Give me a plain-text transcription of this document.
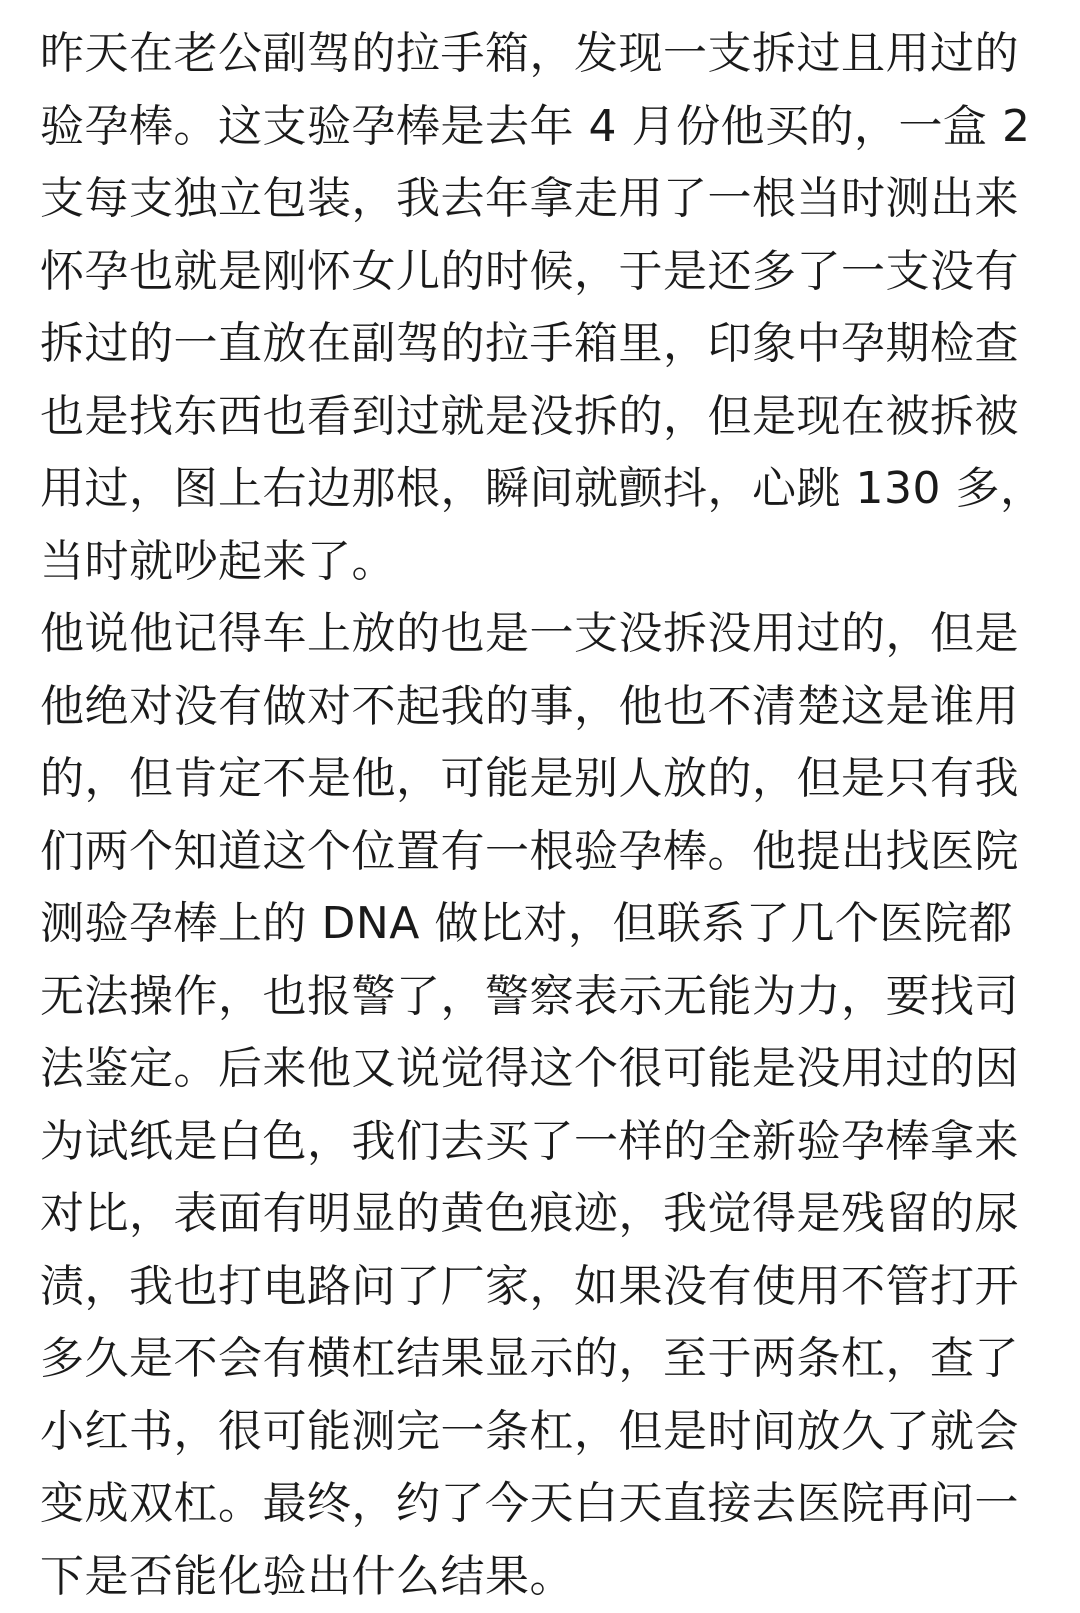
昨天在老公副驾的拉手箱，发现一支拆过且用过的
验孕棒。这支验孕棒是去年 4 月份他买的，一盒 2
支每支独立包装，我去年拿走用了一根当时测出来
怀孕也就是刚怀女儿的时候，于是还多了一支没有
拆过的一直放在副驾的拉手箱里，印象中孕期检查
也是找东西也看到过就是没拆的，但是现在被拆被
用过，图上右边那根，瞬间就颤抖，心跳 130 多，
当时就吵起来了。
他说他记得车上放的也是一支没拆没用过的，但是
他绝对没有做对不起我的事，他也不清楚这是谁用
的，但肯定不是他，可能是别人放的，但是只有我
们两个知道这个位置有一根验孕棒。他提出找医院
测验孕棒上的 DNA 做比对，但联系了几个医院都
无法操作，也报警了，警察表示无能为力，要找司
法鉴定。后来他又说觉得这个很可能是没用过的因
为试纸是白色，我们去买了一样的全新验孕棒拿来
对比，表面有明显的黄色痕迹，我觉得是残留的尿
渍，我也打电路问了厂家，如果没有使用不管打开
多久是不会有横杠结果显示的，至于两条杠，查了
小红书，很可能测完一条杠，但是时间放久了就会
变成双杠。最终，约了今天白天直接去医院再问一
下是否能化验出什么结果。
